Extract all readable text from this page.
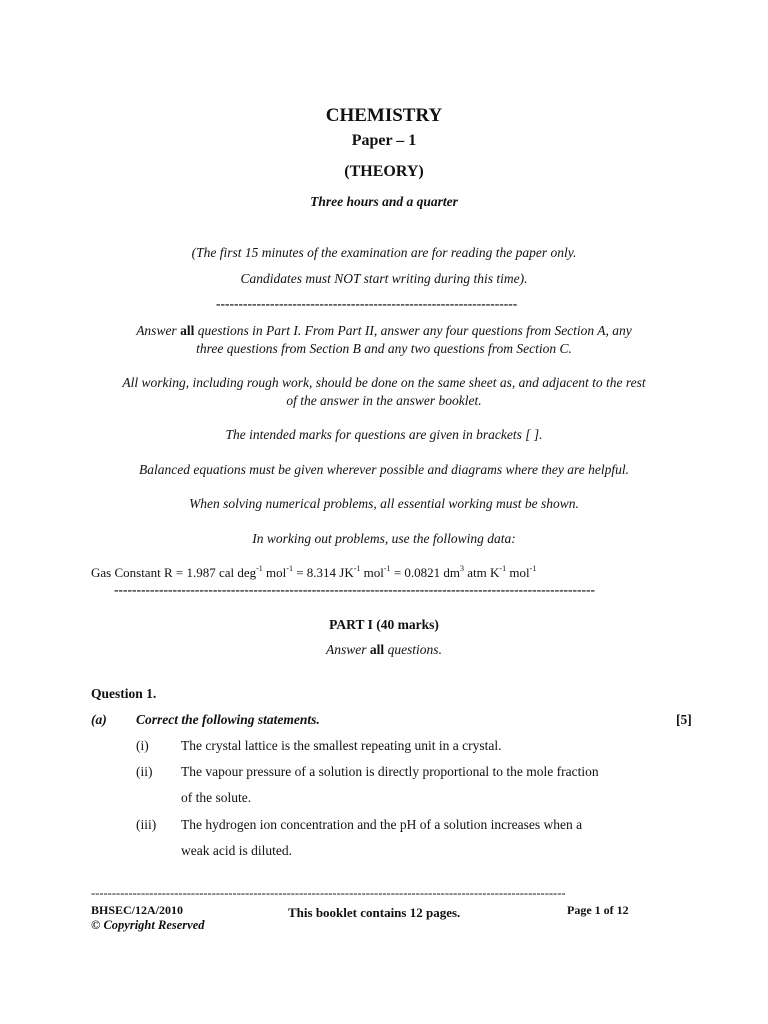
CHEMISTRY
Paper – 1
(THEORY)
Three hours and a quarter
(The first 15 minutes of the examination are for reading the paper only.
Candidates must NOT start writing during this time).
-------------------------------------------------------------------
Answer all questions in Part I. From Part II, answer any four questions from Section A, any
three questions from Section B and any two questions from Section C.
All working, including rough work, should be done on the same sheet as, and adjacent to the rest
of the answer in the answer booklet.
The intended marks for questions are given in brackets [ ].
Balanced equations must be given wherever possible and diagrams where they are helpful.
When solving numerical problems, all essential working must be shown.
In working out problems, use the following data:
Gas Constant R = 1.987 cal deg$^{-1}$ mol$^{-1}$ = 8.314 $JK^{-1}$ mol$^{-1}$ = 0.0821 $dm^3$ atm $K^{-1}$ mol$^{-1}$
-----------------------------------------------------------------------------------------------------------
PART I (40 marks)
Answer all questions.
Question 1.
(a) Correct the following statements.	[5]
(i) The crystal lattice is the smallest repeating unit in a crystal.
(ii) The vapour pressure of a solution is directly proportional to the mole fraction
of the solute.
(iii) The hydrogen ion concentration and the pH of a solution increases when a
weak acid is diluted.
------------------------------------------------------------------------------------------------------------------
BHSEC/12A/2010
© Copyright Reserved
This booklet contains 12 pages.	Page 1 of 12
